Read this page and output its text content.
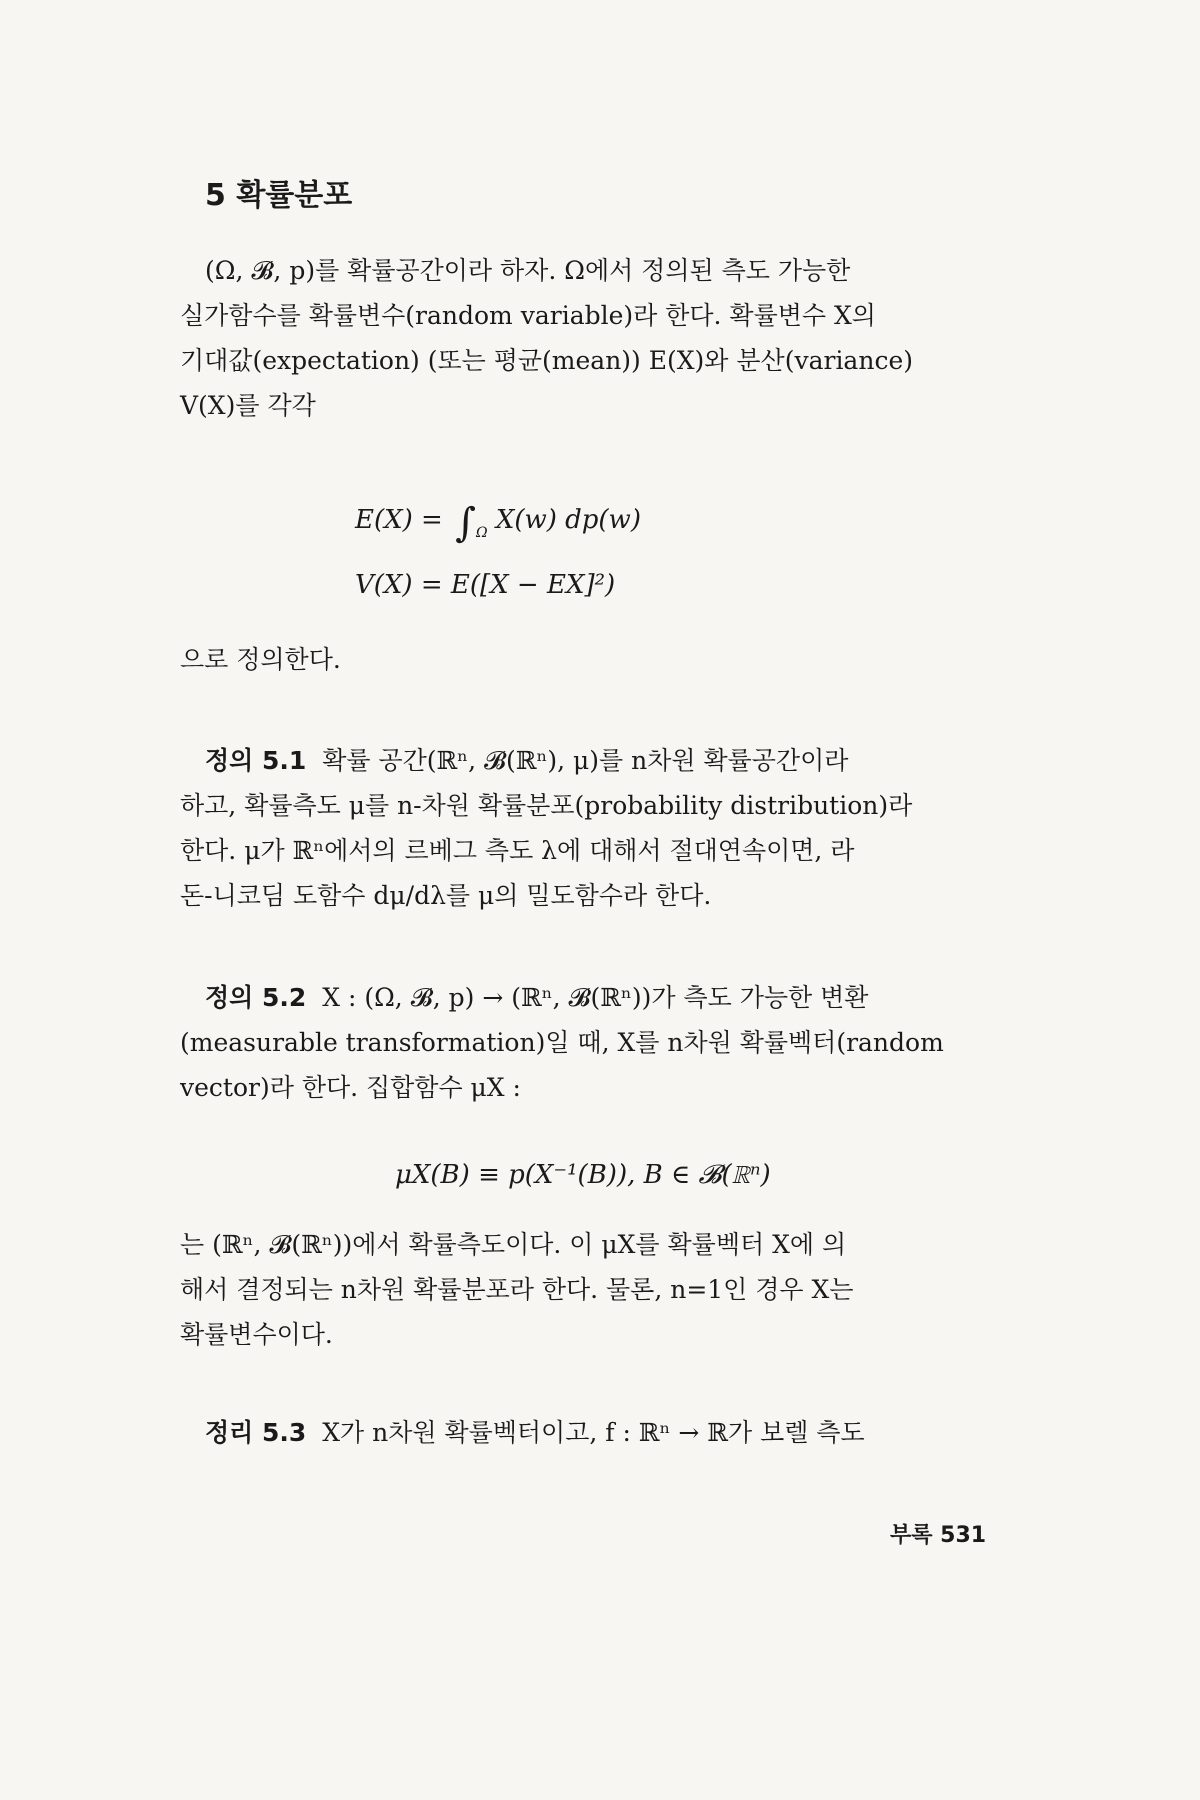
5 확률분포
(Ω, 𝓑, p)를 확률공간이라 하자. Ω에서 정의된 측도 가능한
실가함수를 확률변수(random variable)라 한다. 확률변수 X의
기대값(expectation) (또는 평균(mean)) E(X)와 분산(variance)
V(X)를 각각
$E(X) = \int_\Omega$ X(w) dp(w)
V(X) = E([X − EX]²)
으로 정의한다.
정의 5.1 확률 공간(ℝⁿ, 𝓑(ℝⁿ), μ)를 n차원 확률공간이라
하고, 확률측도 μ를 n-차원 확률분포(probability distribution)라
한다. μ가 ℝⁿ에서의 르베그 측도 λ에 대해서 절대연속이면, 라
돈-니코딤 도함수 dμ/dλ를 μ의 밀도함수라 한다.
정의 5.2 X : (Ω, 𝓑, p) → (ℝⁿ, 𝓑(ℝⁿ))가 측도 가능한 변환
(measurable transformation)일 때, X를 n차원 확률벡터(random
vector)라 한다. 집합함수 μX :
μX(B) ≡ p(X⁻¹(B)), B ∈ 𝓑(ℝⁿ)
는 (ℝⁿ, 𝓑(ℝⁿ))에서 확률측도이다. 이 μX를 확률벡터 X에 의
해서 결정되는 n차원 확률분포라 한다. 물론, n=1인 경우 X는
확률변수이다.
정리 5.3 X가 n차원 확률벡터이고, f : ℝⁿ → ℝ가 보렐 측도

부록 531
